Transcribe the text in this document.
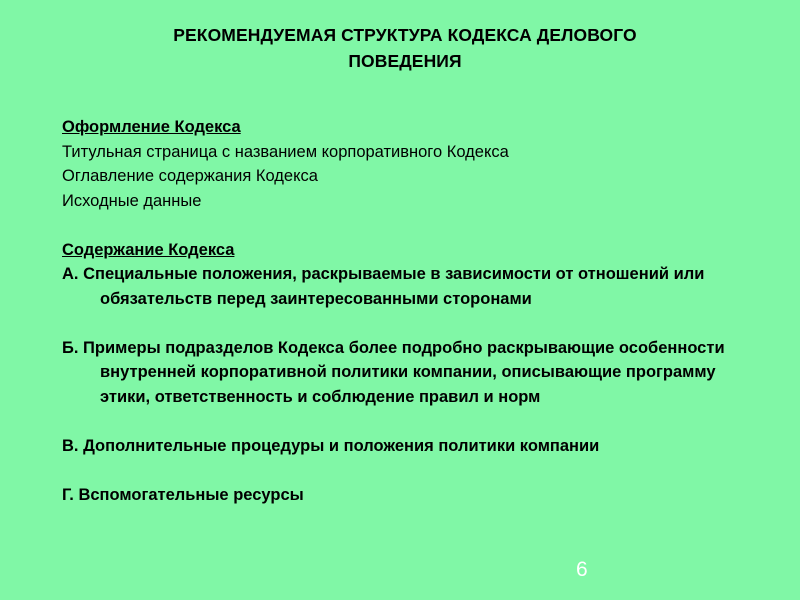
РЕКОМЕНДУЕМАЯ СТРУКТУРА КОДЕКСА ДЕЛОВОГО
ПОВЕДЕНИЯ
Оформление Кодекса
Титульная страница с названием корпоративного Кодекса
Оглавление содержания Кодекса
Исходные данные
Содержание Кодекса
А. Специальные положения, раскрываемые в зависимости от отношений или обязательств перед заинтересованными сторонами
Б. Примеры подразделов Кодекса более подробно раскрывающие особенности внутренней корпоративной политики компании, описывающие программу этики, ответственность и соблюдение правил и норм
В. Дополнительные процедуры и положения политики компании
Г. Вспомогательные ресурсы
6
